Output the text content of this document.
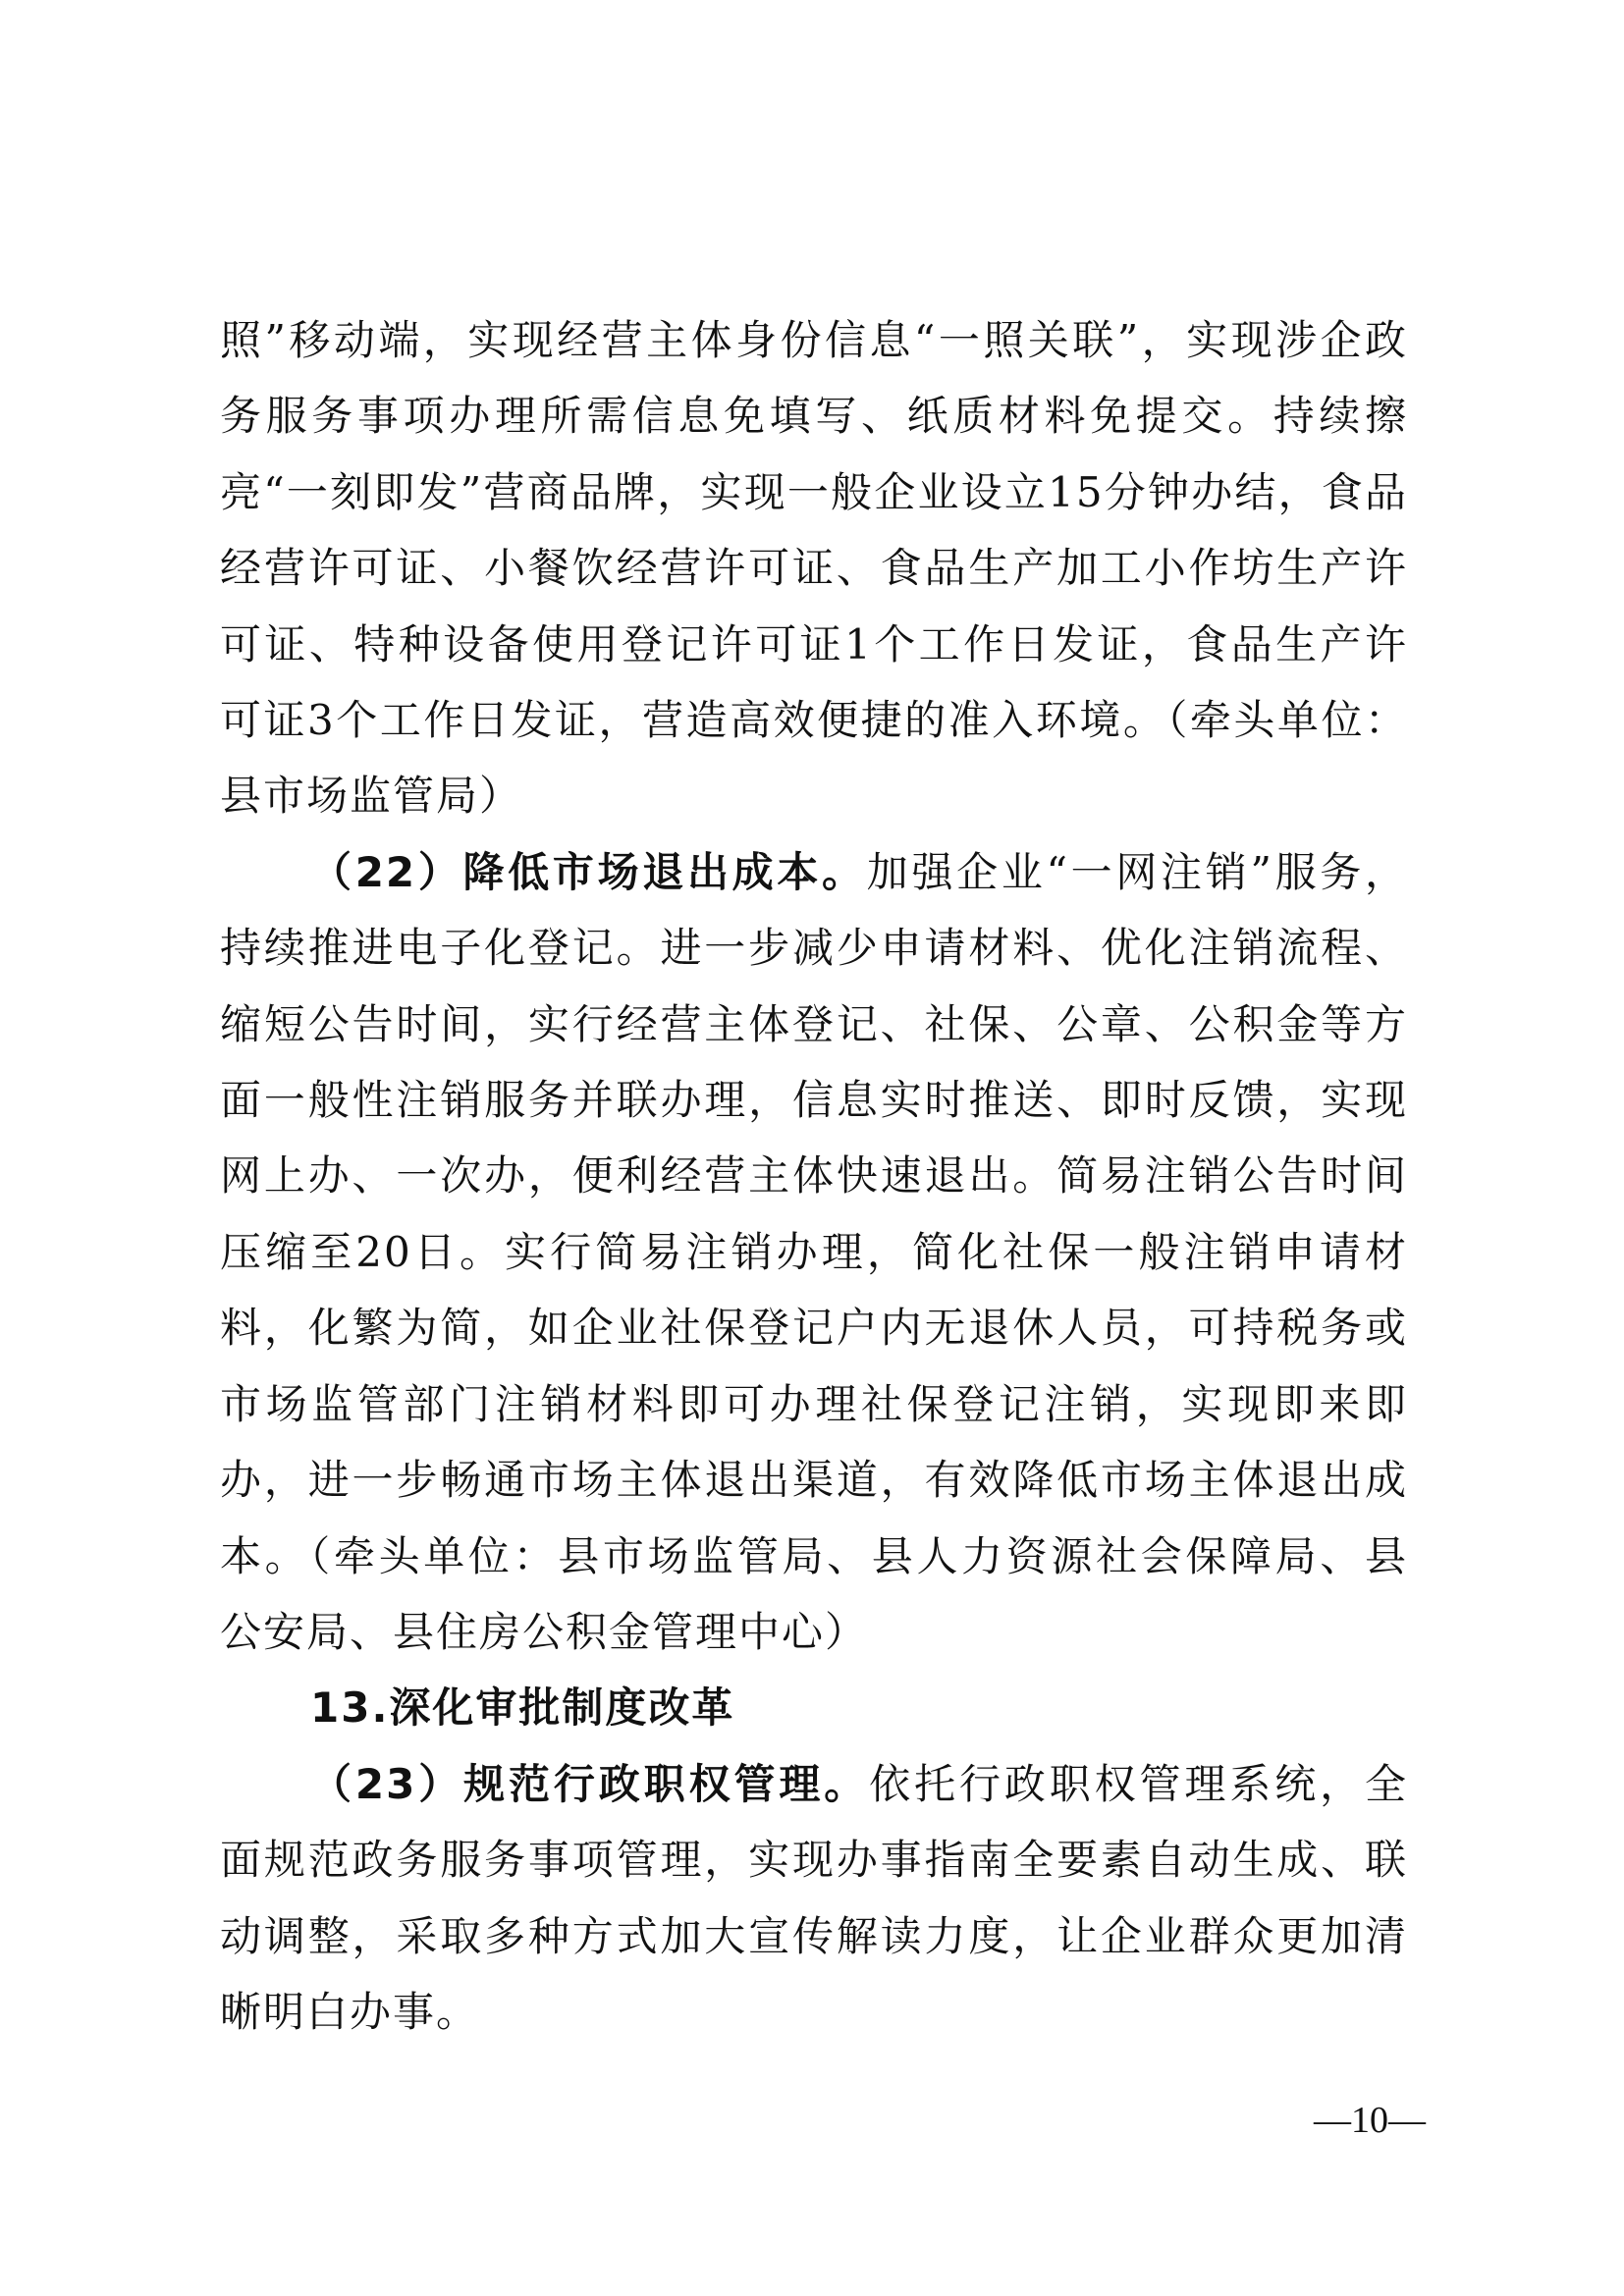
照”移动端，实现经营主体身份信息“一照关联”，实现涉企政务服务事项办理所需信息免填写、纸质材料免提交。持续擦亮“一刻即发”营商品牌，实现一般企业设立15分钟办结，食品经营许可证、小餐饮经营许可证、食品生产加工小作坊生产许可证、特种设备使用登记许可证1个工作日发证，食品生产许可证3个工作日发证，营造高效便捷的准入环境。（牵头单位：县市场监管局）

（22）降低市场退出成本。加强企业“一网注销”服务，持续推进电子化登记。进一步减少申请材料、优化注销流程、缩短公告时间，实行经营主体登记、社保、公章、公积金等方面一般性注销服务并联办理，信息实时推送、即时反馈，实现网上办、一次办，便利经营主体快速退出。简易注销公告时间压缩至20日。实行简易注销办理，简化社保一般注销申请材料，化繁为简，如企业社保登记户内无退休人员，可持税务或市场监管部门注销材料即可办理社保登记注销，实现即来即办，进一步畅通市场主体退出渠道，有效降低市场主体退出成本。（牵头单位：县市场监管局、县人力资源社会保障局、县公安局、县住房公积金管理中心）

13.深化审批制度改革

（23）规范行政职权管理。依托行政职权管理系统，全面规范政务服务事项管理，实现办事指南全要素自动生成、联动调整，采取多种方式加大宣传解读力度，让企业群众更加清晰明白办事。

—10—
